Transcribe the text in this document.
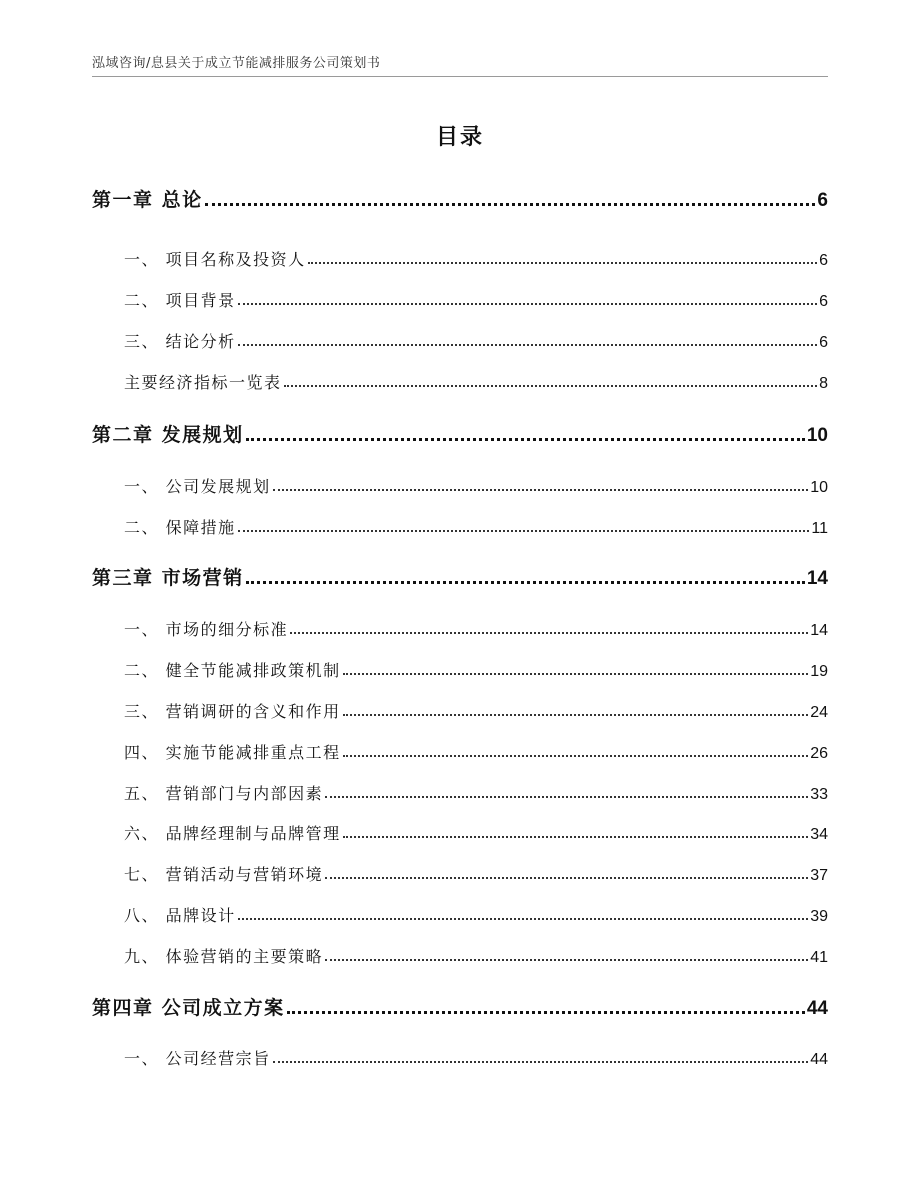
泓域咨询/息县关于成立节能减排服务公司策划书
目录
第一章 总论	6
一、 项目名称及投资人	6
二、 项目背景	6
三、 结论分析	6
主要经济指标一览表	8
第二章 发展规划	10
一、 公司发展规划	10
二、 保障措施	11
第三章 市场营销	14
一、 市场的细分标准	14
二、 健全节能减排政策机制	19
三、 营销调研的含义和作用	24
四、 实施节能减排重点工程	26
五、 营销部门与内部因素	33
六、 品牌经理制与品牌管理	34
七、 营销活动与营销环境	37
八、 品牌设计	39
九、 体验营销的主要策略	41
第四章 公司成立方案	44
一、 公司经营宗旨	44
